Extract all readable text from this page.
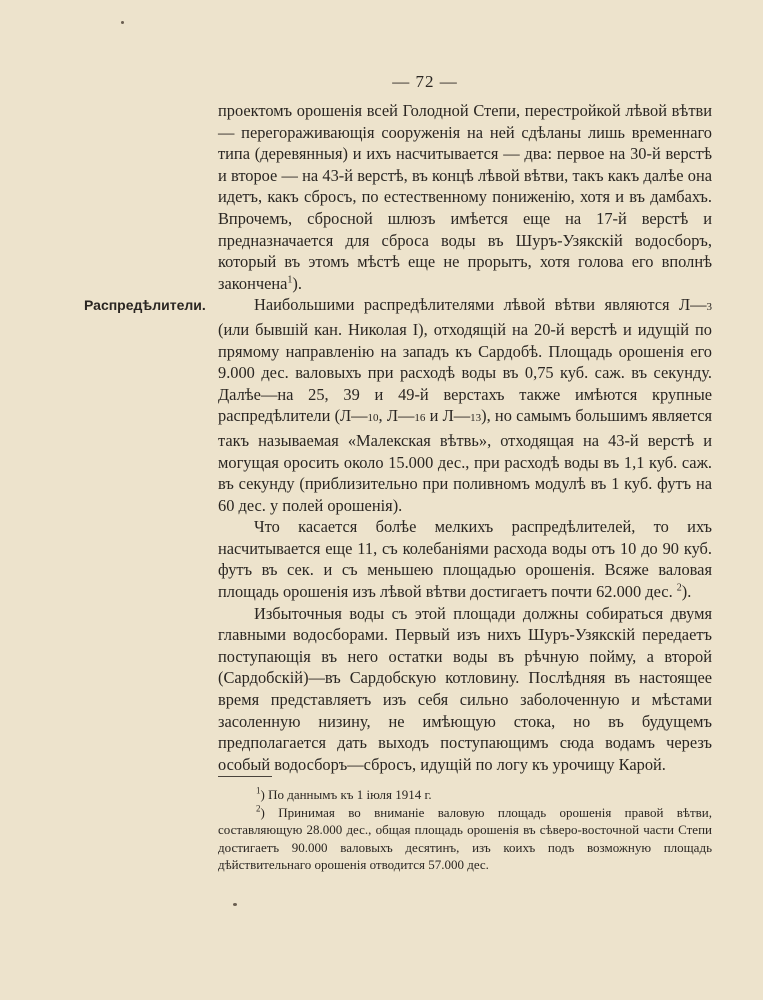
— 72 —
Распредѣлители.

проектомъ орошенія всей Голодной Степи, перестройкой лѣвой вѣтви — перегораживающія сооруженія на ней сдѣланы лишь временнаго типа (деревянныя) и ихъ насчитывается — два: первое на 30-й верстѣ и второе — на 43-й верстѣ, въ концѣ лѣвой вѣтви, такъ какъ далѣе она идетъ, какъ сбросъ, по естественному пониженію, хотя и въ дамбахъ. Впрочемъ, сбросной шлюзъ имѣется еще на 17-й верстѣ и предназначается для сброса воды въ Шуръ-Узякскій водосборъ, который въ этомъ мѣстѣ еще не прорытъ, хотя голова его вполнѣ закончена$^1$).

Наибольшими распредѣлителями лѣвой вѣтви являются Л—3 (или бывшій кан. Николая I), отходящій на 20-й верстѣ и идущій по прямому направленію на западъ къ Сардобѣ. Площадь орошенія его 9.000 дес. валовыхъ при расходѣ воды въ 0,75 куб. саж. въ секунду. Далѣе—на 25, 39 и 49-й верстахъ также имѣются крупные распредѣлители (Л—10, Л—16 и Л—13), но самымъ большимъ является такъ называемая «Малекская вѣтвь», отходящая на 43-й верстѣ и могущая оросить около 15.000 дес., при расходѣ воды въ 1,1 куб. саж. въ секунду (приблизительно при поливномъ модулѣ въ 1 куб. футъ на 60 дес. у полей орошенія).

Что касается болѣе мелкихъ распредѣлителей, то ихъ насчитывается еще 11, съ колебаніями расхода воды отъ 10 до 90 куб. футъ въ сек. и съ меньшею площадью орошенія. Всяже валовая площадь орошенія изъ лѣвой вѣтви достигаетъ почти 62.000 дес. $^2$).

Избыточныя воды съ этой площади должны собираться двумя главными водосборами. Первый изъ нихъ Шуръ-Узякскій передаетъ поступающія въ него остатки воды въ рѣчную пойму, а второй (Сардобскій)—въ Сардобскую котловину. Послѣдняя въ настоящее время представляетъ изъ себя сильно заболоченную и мѣстами засоленную низину, не имѣющую стока, но въ будущемъ предполагается дать выходъ поступающимъ сюда водамъ черезъ особый водосборъ—сбросъ, идущій по логу къ урочищу Карой.

$^1$) По даннымъ къ 1 іюля 1914 г.

$^2$) Принимая во вниманіе валовую площадь орошенія правой вѣтви, составляющую 28.000 дес., общая площадь орошенія въ сѣверо-восточной части Степи достигаетъ 90.000 валовыхъ десятинъ, изъ коихъ подъ возможную площадь дѣйствительнаго орошенія отводится 57.000 дес.
